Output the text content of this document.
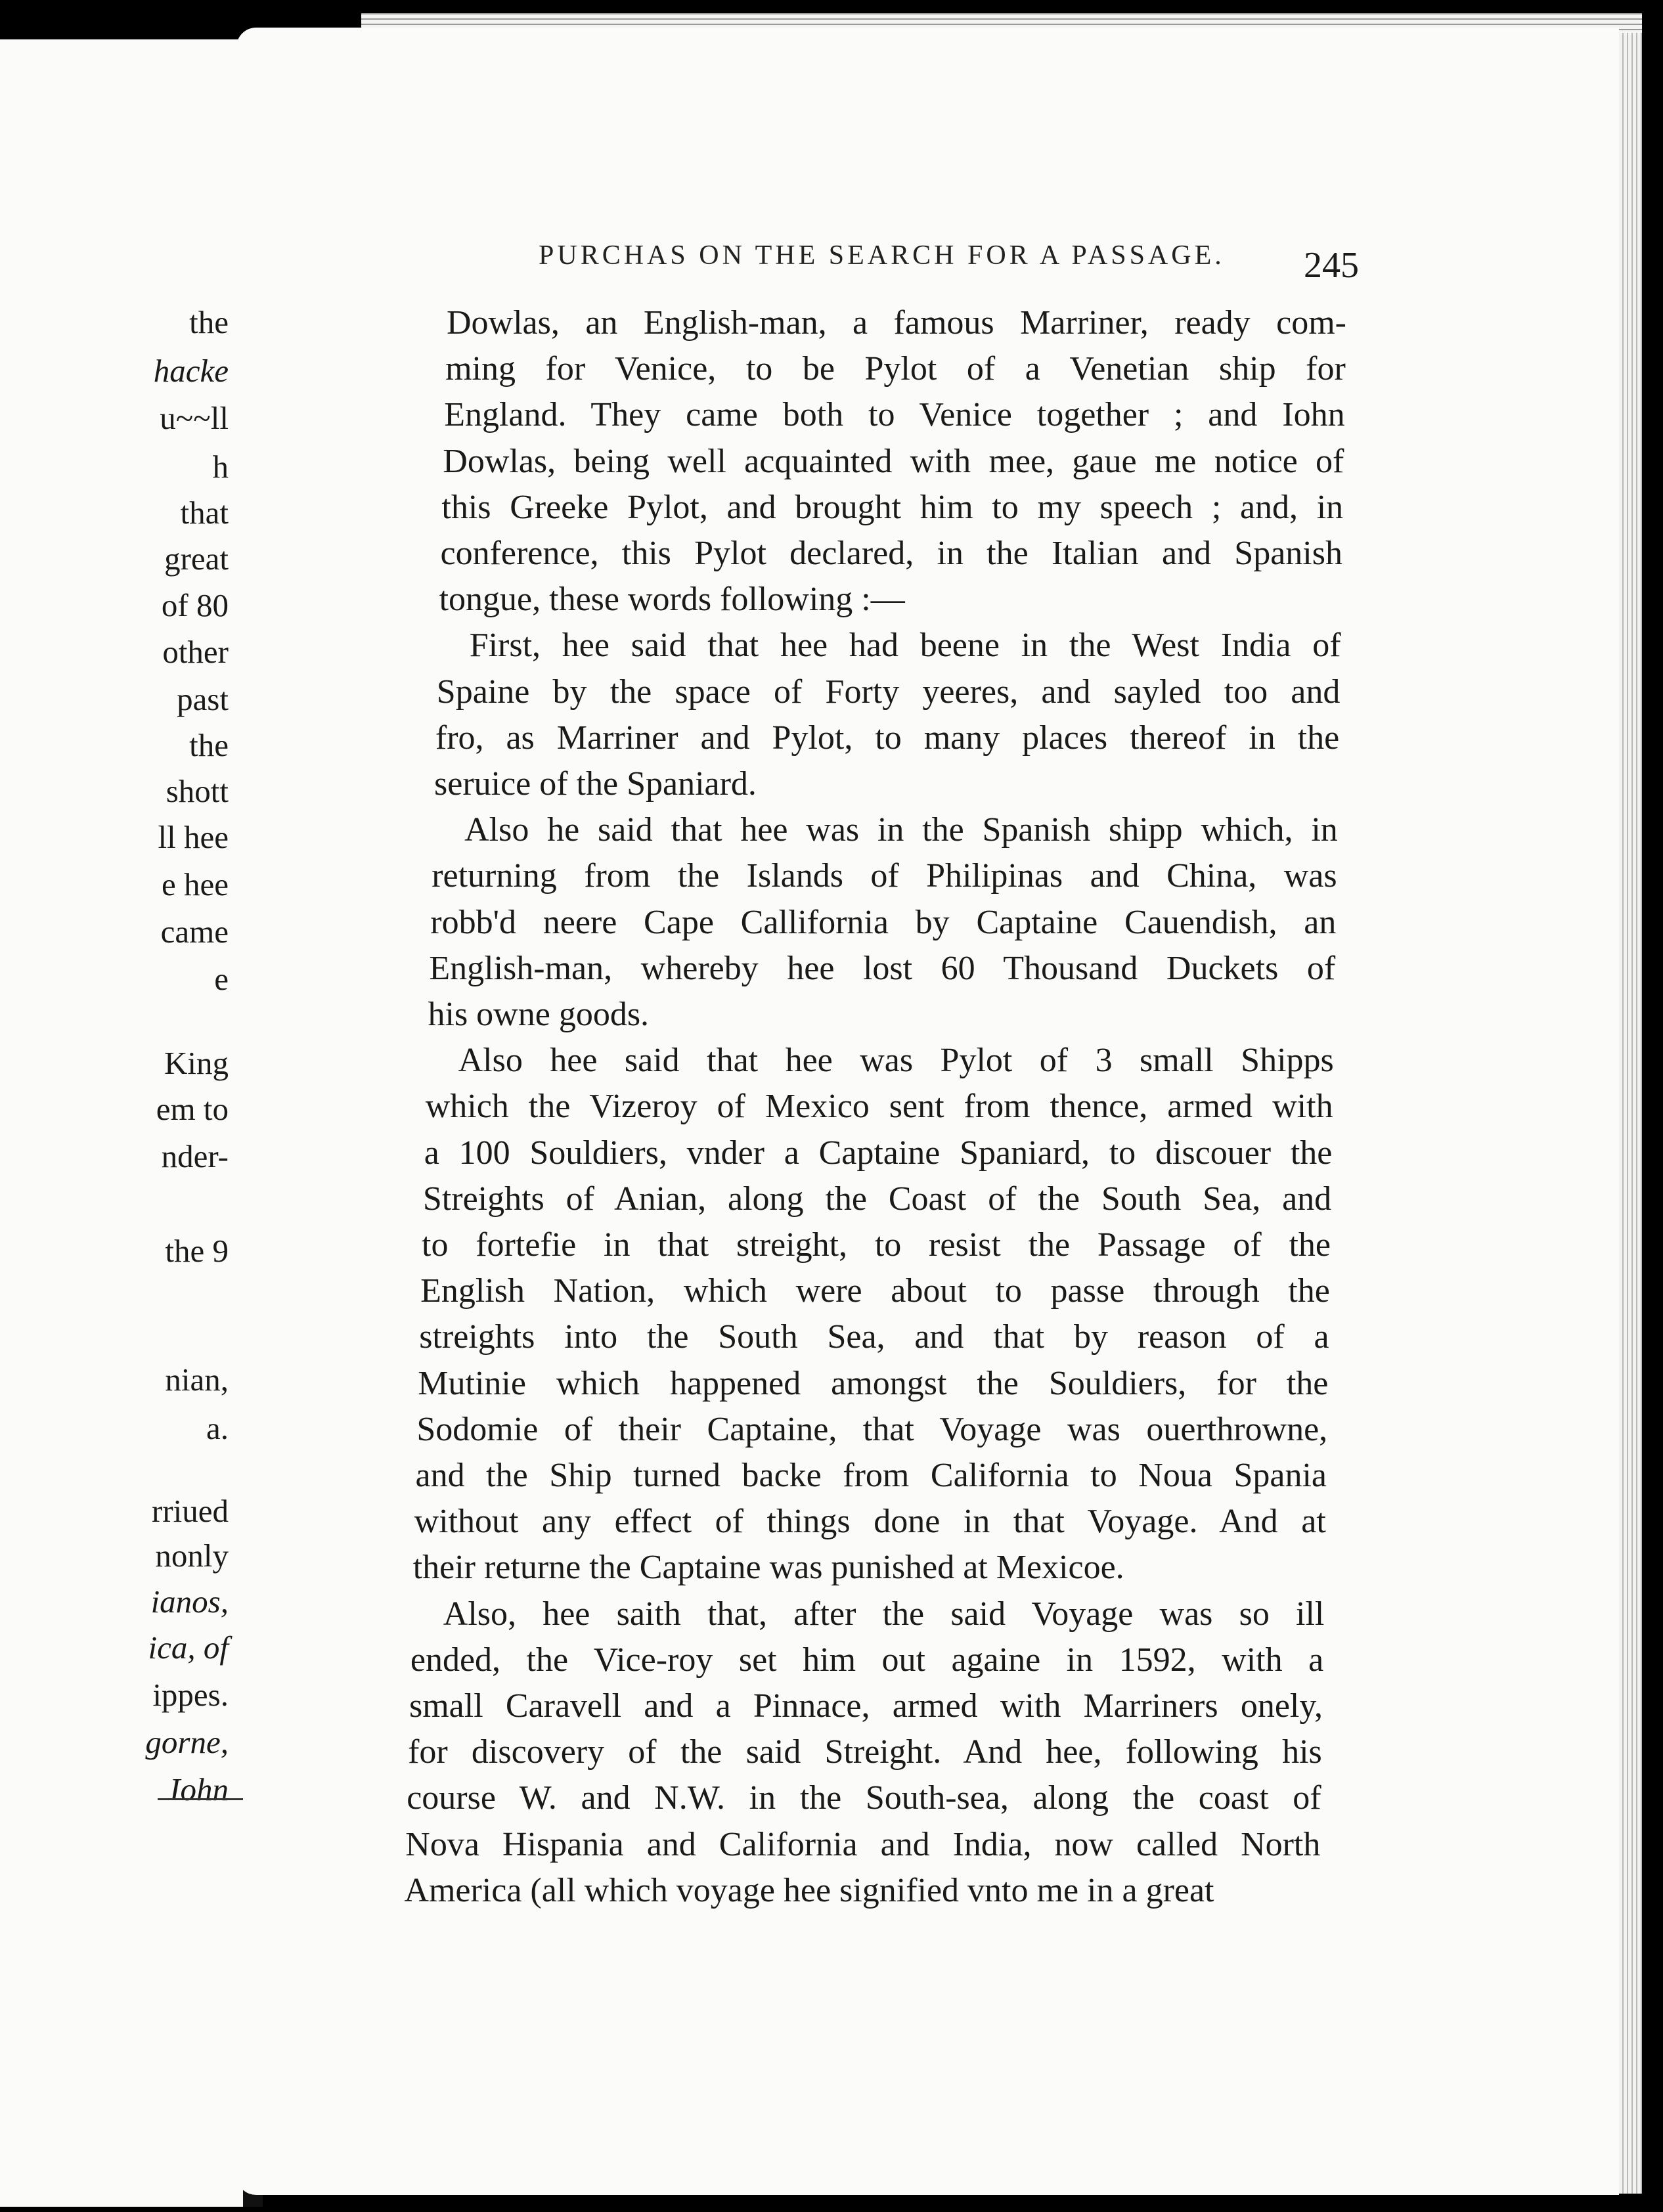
PURCHAS ON THE SEARCH FOR A PASSAGE. 245
the
hacke
u~~ll
h
that
great
of 80
other
past
the
shott
ll hee
e hee
came
e
King
em to
nder-
the 9
nian,
a.
rriued
nonly
ianos,
ica, of
ippes.
gorne,
Iohn
Dowlas, an English-man, a famous Marriner, ready com-
ming for Venice, to be Pylot of a Venetian ship for
England. They came both to Venice together ; and Iohn
Dowlas, being well acquainted with mee, gaue me notice of
this Greeke Pylot, and brought him to my speech ; and, in
conference, this Pylot declared, in the Italian and Spanish
tongue, these words following :—
First, hee said that hee had beene in the West India of
Spaine by the space of Forty yeeres, and sayled too and
fro, as Marriner and Pylot, to many places thereof in the
seruice of the Spaniard.
Also he said that hee was in the Spanish shipp which, in
returning from the Islands of Philipinas and China, was
robb'd neere Cape Callifornia by Captaine Cauendish, an
English-man, whereby hee lost 60 Thousand Duckets of
his owne goods.
Also hee said that hee was Pylot of 3 small Shipps
which the Vizeroy of Mexico sent from thence, armed with
a 100 Souldiers, vnder a Captaine Spaniard, to discouer the
Streights of Anian, along the Coast of the South Sea, and
to fortefie in that streight, to resist the Passage of the
English Nation, which were about to passe through the
streights into the South Sea, and that by reason of a
Mutinie which happened amongst the Souldiers, for the
Sodomie of their Captaine, that Voyage was ouerthrowne,
and the Ship turned backe from California to Noua Spania
without any effect of things done in that Voyage. And at
their returne the Captaine was punished at Mexicoe.
Also, hee saith that, after the said Voyage was so ill
ended, the Vice-roy set him out againe in 1592, with a
small Caravell and a Pinnace, armed with Marriners onely,
for discovery of the said Streight. And hee, following his
course W. and N.W. in the South-sea, along the coast of
Nova Hispania and California and India, now called North
America (all which voyage hee signified vnto me in a great
